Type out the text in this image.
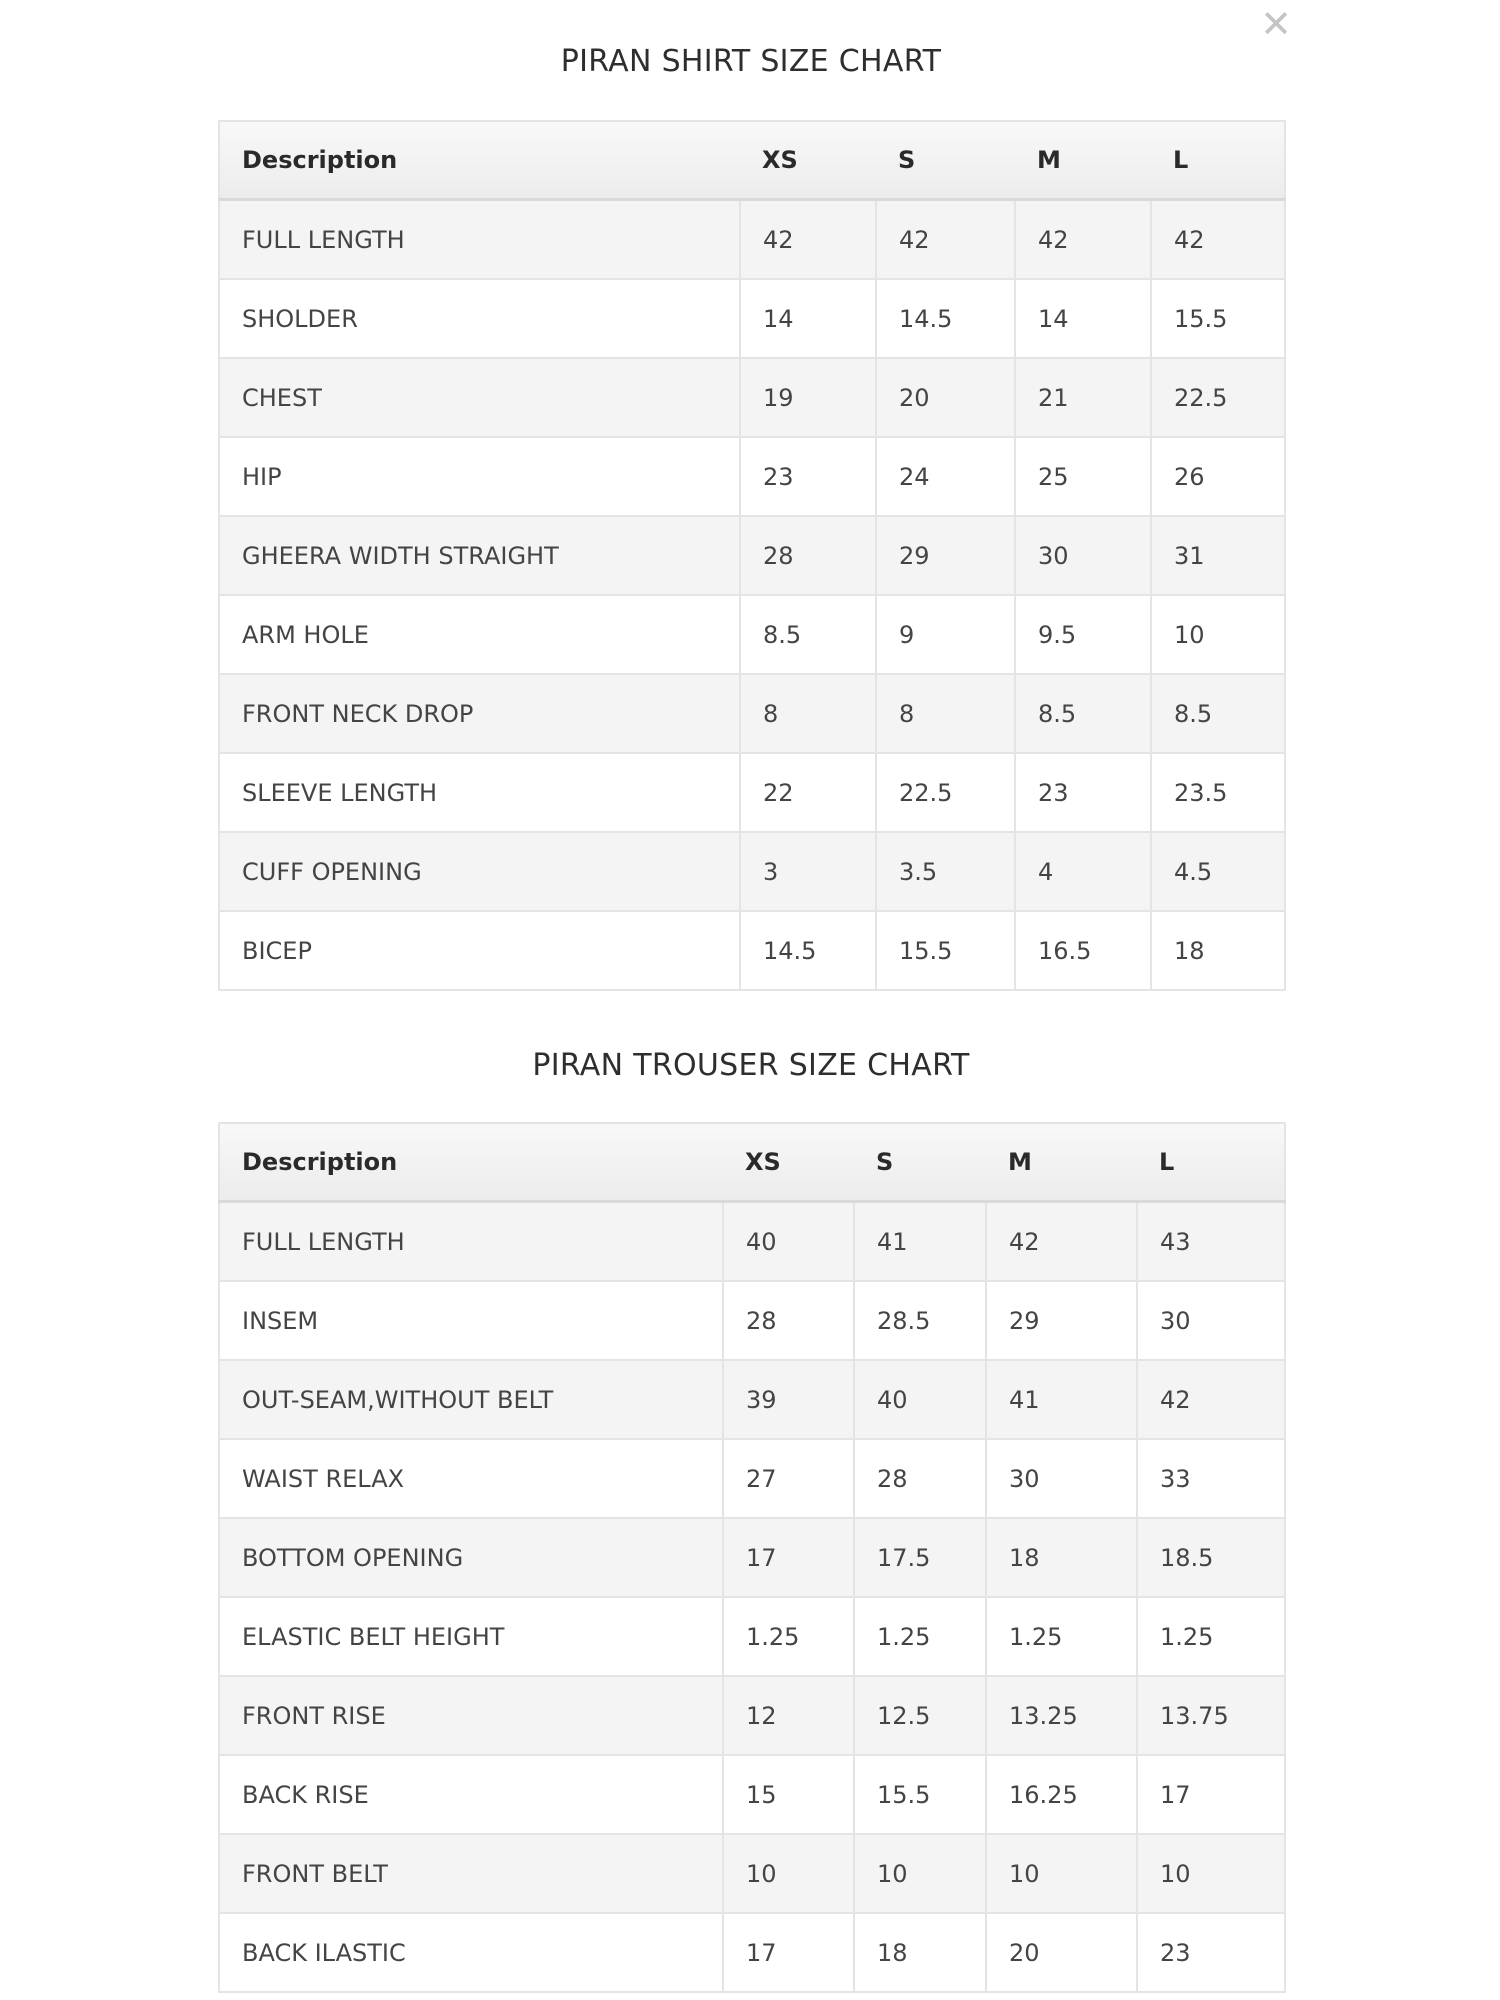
✕
PIRAN SHIRT SIZE CHART
Description	XS	S	M	L
FULL LENGTH	42	42	42	42
SHOLDER	14	14.5	14	15.5
CHEST	19	20	21	22.5
HIP	23	24	25	26
GHEERA WIDTH STRAIGHT	28	29	30	31
ARM HOLE	8.5	9	9.5	10
FRONT NECK DROP	8	8	8.5	8.5
SLEEVE LENGTH	22	22.5	23	23.5
CUFF OPENING	3	3.5	4	4.5
BICEP	14.5	15.5	16.5	18
PIRAN TROUSER SIZE CHART
Description	XS	S	M	L
FULL LENGTH	40	41	42	43
INSEM	28	28.5	29	30
OUT-SEAM,WITHOUT BELT	39	40	41	42
WAIST RELAX	27	28	30	33
BOTTOM OPENING	17	17.5	18	18.5
ELASTIC BELT HEIGHT	1.25	1.25	1.25	1.25
FRONT RISE	12	12.5	13.25	13.75
BACK RISE	15	15.5	16.25	17
FRONT BELT	10	10	10	10
BACK ILASTIC	17	18	20	23
